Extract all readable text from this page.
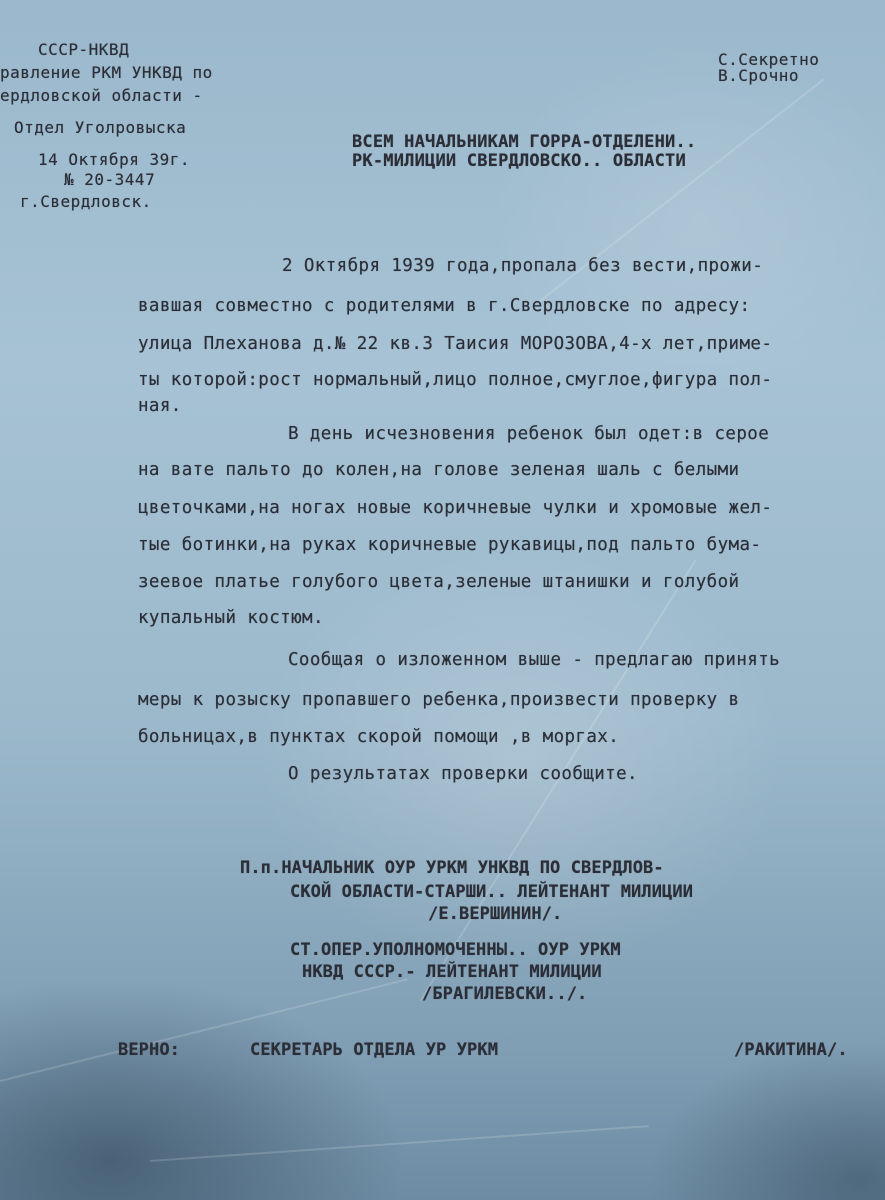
СССР-НКВД
равление РКМ УНКВД по
ердловской области -
Отдел Уголровыска
14 Октября 39г.
№ 20-3447
г.Свердловск.
С.Секретно
В.Срочно
ВСЕМ НАЧАЛЬНИКАМ ГОРРА-ОТДЕЛЕНИ..
РК-МИЛИЦИИ СВЕРДЛОВСКО.. ОБЛАСТИ
2 Октября 1939 года,пропала без вести,прожи-
вавшая совместно с родителями в г.Свердловске по адресу:
улица Плеханова д.№ 22 кв.3 Таисия МОРОЗОВА,4-х лет,приме-
ты которой:рост нормальный,лицо полное,смуглое,фигура пол-
ная.
В день исчезновения ребенок был одет:в серое
на вате пальто до колен,на голове зеленая шаль с белыми
цветочками,на ногах новые коричневые чулки и хромовые жел-
тые ботинки,на руках коричневые рукавицы,под пальто бума-
зеевое платье голубого цвета,зеленые штанишки и голубой
купальный костюм.
Сообщая о изложенном выше - предлагаю принять
меры к розыску пропавшего ребенка,произвести проверку в
больницах,в пунктах скорой помощи ,в моргах.
О результатах проверки сообщите.
П.п.НАЧАЛЬНИК ОУР УРКМ УНКВД ПО СВЕРДЛОВ-
СКОЙ ОБЛАСТИ-СТАРШИ.. ЛЕЙТЕНАНТ МИЛИЦИИ
/Е.ВЕРШИНИН/.
СТ.ОПЕР.УПОЛНОМОЧЕННЫ.. ОУР УРКМ
НКВД СССР.- ЛЕЙТЕНАНТ МИЛИЦИИ
/БРАГИЛЕВСКИ../.
ВЕРНО:	СЕКРЕТАРЬ ОТДЕЛА УР УРКМ	/РАКИТИНА/.
